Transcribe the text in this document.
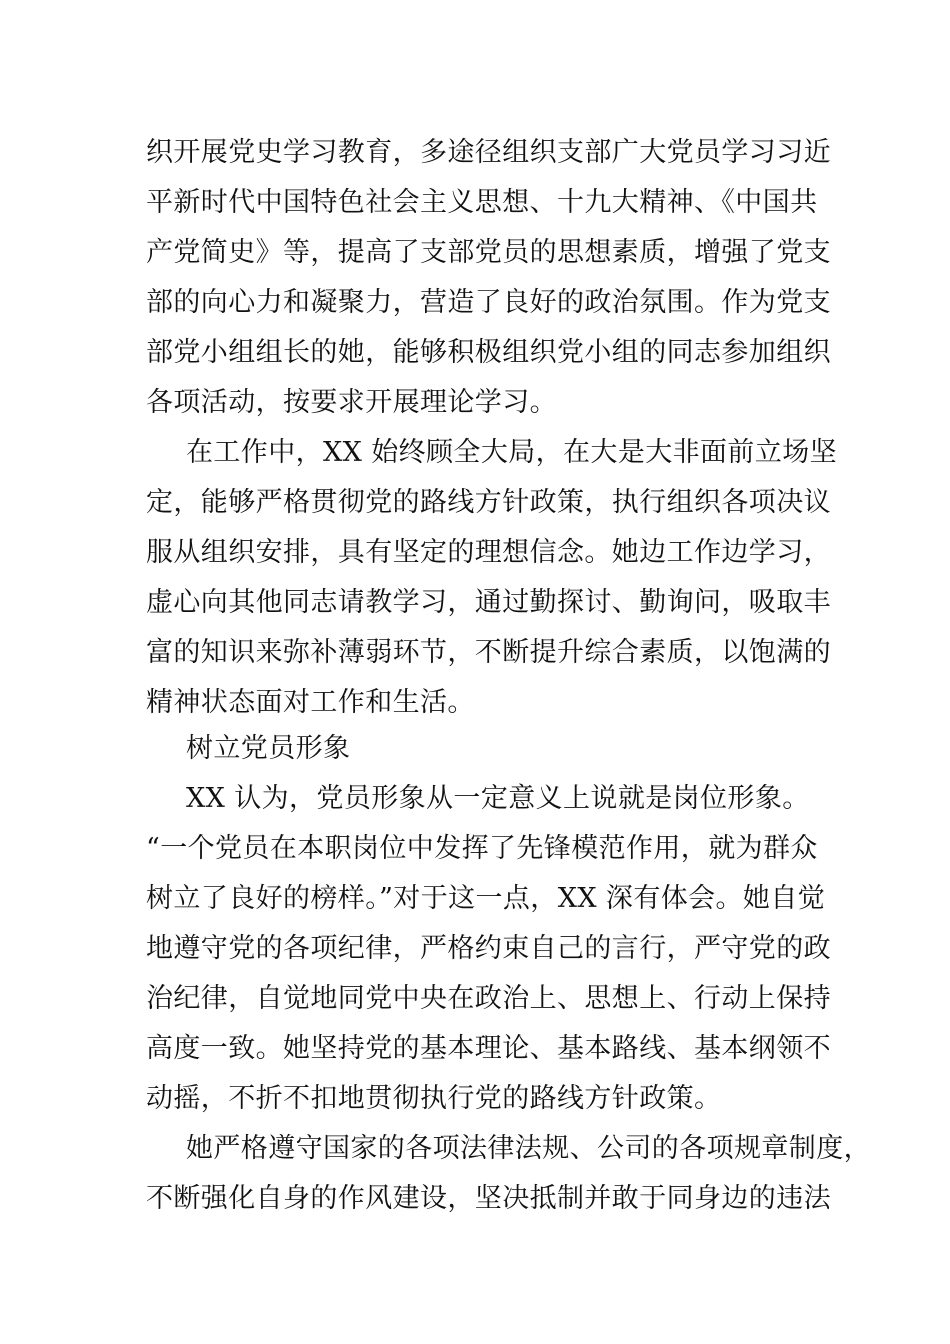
织开展党史学习教育，多途径组织支部广大党员学习习近
平新时代中国特色社会主义思想、十九大精神、《中国共
产党简史》等，提高了支部党员的思想素质，增强了党支
部的向心力和凝聚力，营造了良好的政治氛围。作为党支
部党小组组长的她，能够积极组织党小组的同志参加组织
各项活动，按要求开展理论学习。
在工作中，XX 始终顾全大局，在大是大非面前立场坚
定，能够严格贯彻党的路线方针政策，执行组织各项决议
服从组织安排，具有坚定的理想信念。她边工作边学习，
虚心向其他同志请教学习，通过勤探讨、勤询问，吸取丰
富的知识来弥补薄弱环节，不断提升综合素质，以饱满的
精神状态面对工作和生活。
树立党员形象
XX 认为，党员形象从一定意义上说就是岗位形象。
“一个党员在本职岗位中发挥了先锋模范作用，就为群众
树立了良好的榜样。”对于这一点，XX 深有体会。她自觉
地遵守党的各项纪律，严格约束自己的言行，严守党的政
治纪律，自觉地同党中央在政治上、思想上、行动上保持
高度一致。她坚持党的基本理论、基本路线、基本纲领不
动摇，不折不扣地贯彻执行党的路线方针政策。
她严格遵守国家的各项法律法规、公司的各项规章制度，
不断强化自身的作风建设，坚决抵制并敢于同身边的违法
